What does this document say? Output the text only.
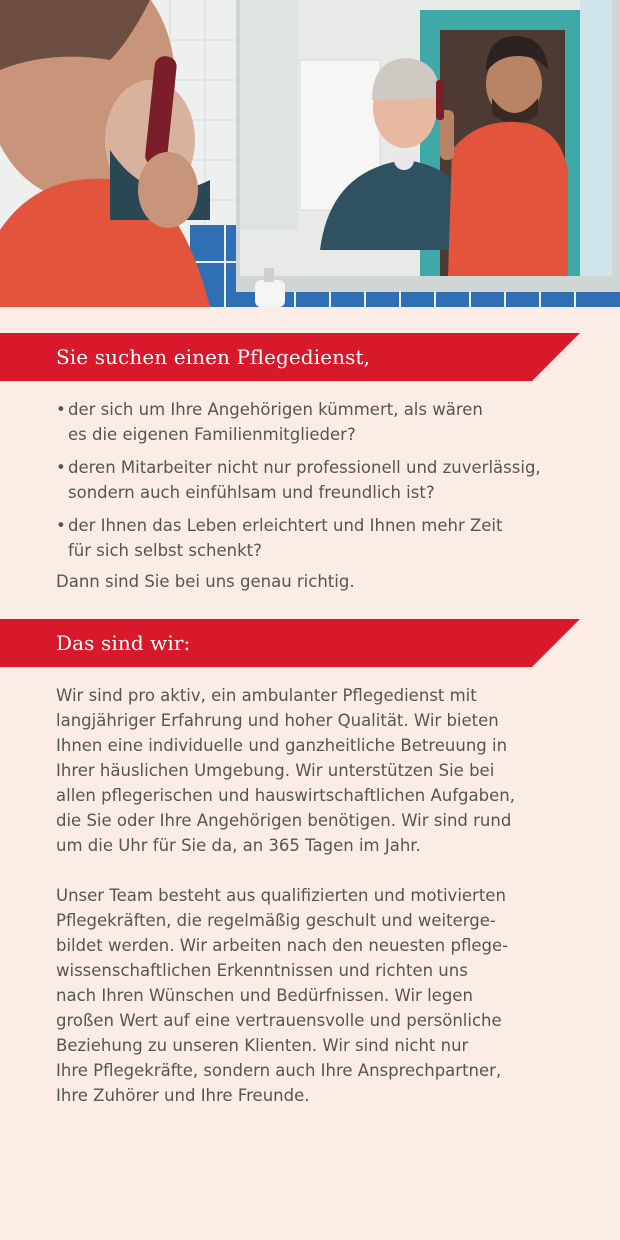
Sie suchen einen Pflegedienst,
• der sich um Ihre Angehörigen kümmert, als wären
es die eigenen Familienmitglieder?
• deren Mitarbeiter nicht nur professionell und zuverlässig,
sondern auch einfühlsam und freundlich ist?
• der Ihnen das Leben erleichtert und Ihnen mehr Zeit
für sich selbst schenkt?
Dann sind Sie bei uns genau richtig.
Das sind wir:

Wir sind pro aktiv, ein ambulanter Pflegedienst mit
langjähriger Erfahrung und hoher Qualität. Wir bieten
Ihnen eine individuelle und ganzheitliche Betreuung in
Ihrer häuslichen Umgebung. Wir unterstützen Sie bei
allen pflegerischen und hauswirtschaftlichen Aufgaben,
die Sie oder Ihre Angehörigen benötigen. Wir sind rund
um die Uhr für Sie da, an 365 Tagen im Jahr.

Unser Team besteht aus qualifizierten und motivierten
Pflegekräften, die regelmäßig geschult und weiterge-
bildet werden. Wir arbeiten nach den neuesten pflege-
wissenschaftlichen Erkenntnissen und richten uns
nach Ihren Wünschen und Bedürfnissen. Wir legen
großen Wert auf eine vertrauensvolle und persönliche
Beziehung zu unseren Klienten. Wir sind nicht nur
Ihre Pflegekräfte, sondern auch Ihre Ansprechpartner,
Ihre Zuhörer und Ihre Freunde.
